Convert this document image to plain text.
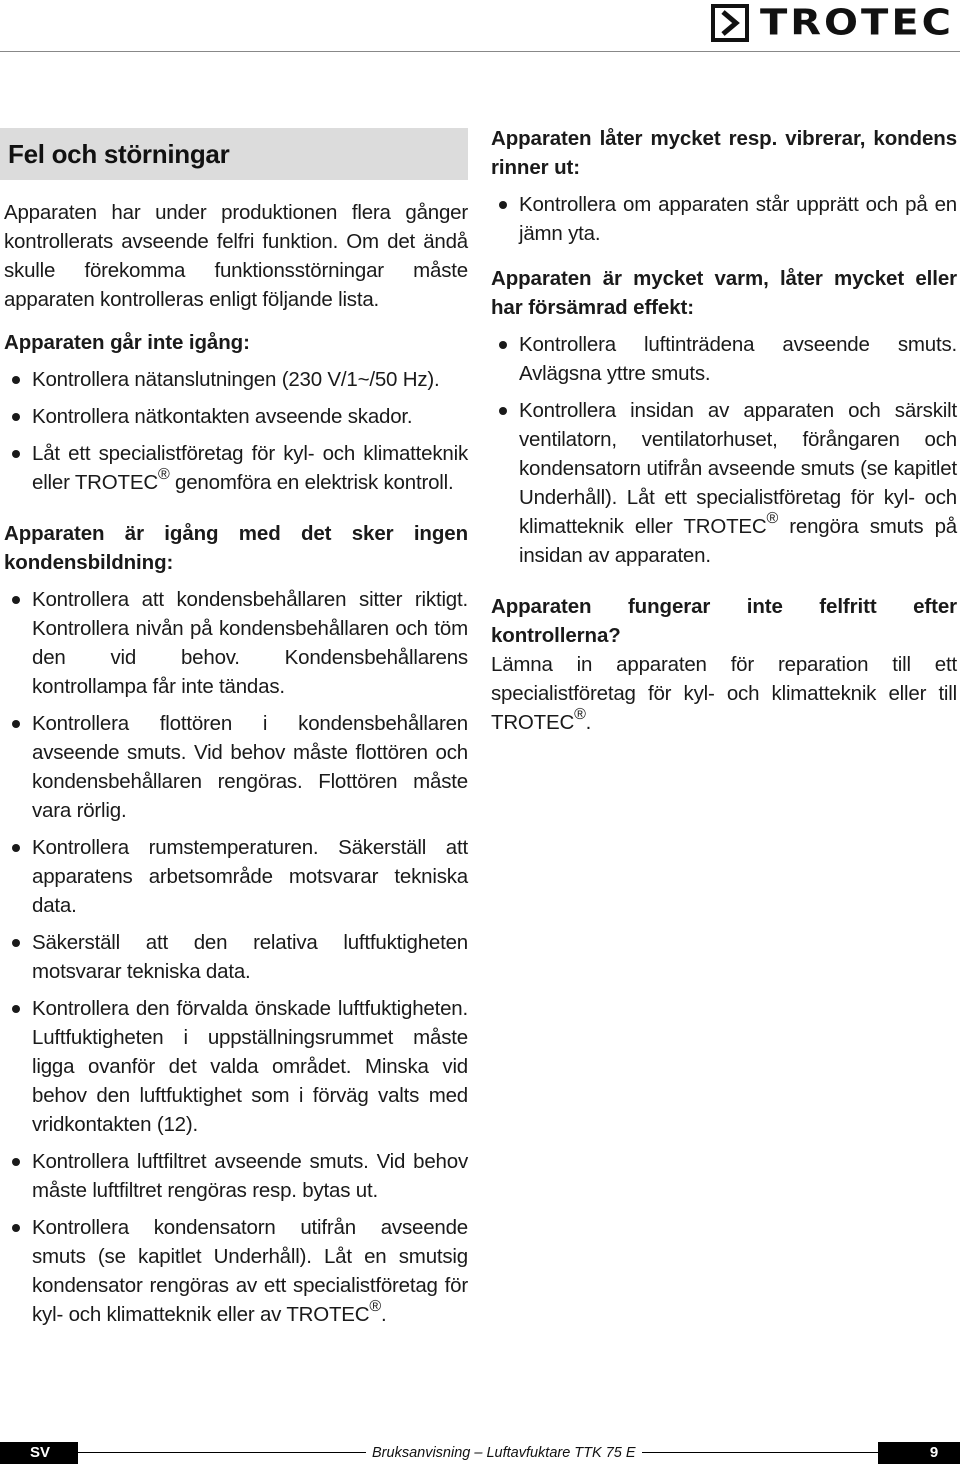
TROTEC
Fel och störningar

Apparaten har under produktionen flera gånger kontrollerats avseende felfri funktion. Om det ändå skulle förekomma funktionsstörningar måste apparaten kontrolleras enligt följande lista.

Apparaten går inte igång:
Kontrollera nätanslutningen (230 V/1~/50 Hz).
Kontrollera nätkontakten avseende skador.
Låt ett specialistföretag för kyl- och klimatteknik eller TROTEC® genomföra en elektrisk kontroll.
Apparaten är igång med det sker ingen kondensbildning:
Kontrollera att kondensbehållaren sitter riktigt. Kontrollera nivån på kondensbehållaren och töm den vid behov. Kondensbehållarens kontrollampa får inte tändas.
Kontrollera flottören i kondensbehållaren avseende smuts. Vid behov måste flottören och kondensbehållaren rengöras. Flottören måste vara rörlig.
Kontrollera rumstemperaturen. Säkerställ att apparatens arbetsområde motsvarar tekniska data.
Säkerställ att den relativa luftfuktigheten motsvarar tekniska data.
Kontrollera den förvalda önskade luftfuktigheten. Luftfuktigheten i uppställningsrummet måste ligga ovanför det valda området. Minska vid behov den luftfuktighet som i förväg valts med vridkontakten (12).
Kontrollera luftfiltret avseende smuts. Vid behov måste luftfiltret rengöras resp. bytas ut.
Kontrollera kondensatorn utifrån avseende smuts (se kapitlet Underhåll). Låt en smutsig kondensator rengöras av ett specialistföretag för kyl- och klimatteknik eller av TROTEC®.
Apparaten låter mycket resp. vibrerar, kondens rinner ut:
Kontrollera om apparaten står upprätt och på en jämn yta.
Apparaten är mycket varm, låter mycket eller har försämrad effekt:
Kontrollera luftinträdena avseende smuts. Avlägsna yttre smuts.
Kontrollera insidan av apparaten och särskilt ventilatorn, ventilatorhuset, förångaren och kondensatorn utifrån avseende smuts (se kapitlet Underhåll). Låt ett specialistföretag för kyl- och klimatteknik eller TROTEC® rengöra smuts på insidan av apparaten.
Apparaten fungerar inte felfritt efter kontrollerna?

Lämna in apparaten för reparation till ett specialistföretag för kyl- och klimatteknik eller till TROTEC®.

SV	Bruksanvisning – Luftavfuktare TTK 75 E	9
